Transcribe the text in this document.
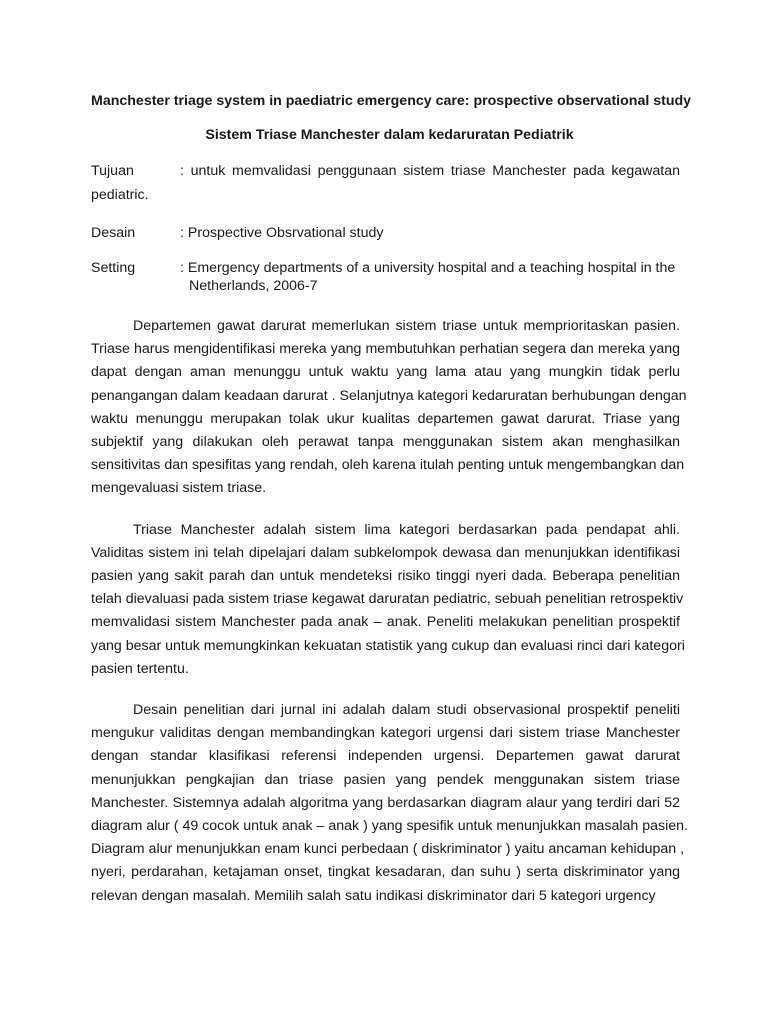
Manchester triage system in paediatric emergency care: prospective observational study

Sistem Triase Manchester dalam kedaruratan Pediatrik

Tujuan	: untuk memvalidasi penggunaan sistem triase Manchester pada kegawatan
pediatric.
Desain	: Prospective Obsrvational study
Setting	: Emergency departments of a university hospital and a teaching hospital in the
Netherlands, 2006-7
Departemen gawat darurat memerlukan sistem triase untuk memprioritaskan pasien.
Triase harus mengidentifikasi mereka yang membutuhkan perhatian segera dan mereka yang
dapat dengan aman menunggu untuk waktu yang lama atau yang mungkin tidak perlu
penangangan dalam keadaan darurat . Selanjutnya kategori kedaruratan berhubungan dengan
waktu menunggu merupakan tolak ukur kualitas departemen gawat darurat. Triase yang
subjektif yang dilakukan oleh perawat tanpa menggunakan sistem akan menghasilkan
sensitivitas dan spesifitas yang rendah, oleh karena itulah penting untuk mengembangkan dan
mengevaluasi sistem triase.
Triase Manchester adalah sistem lima kategori berdasarkan pada pendapat ahli.
Validitas sistem ini telah dipelajari dalam subkelompok dewasa dan menunjukkan identifikasi
pasien yang sakit parah dan untuk mendeteksi risiko tinggi nyeri dada. Beberapa penelitian
telah dievaluasi pada sistem triase kegawat daruratan pediatric, sebuah penelitian retrospektiv
memvalidasi sistem Manchester pada anak – anak. Peneliti melakukan penelitian prospektif
yang besar untuk memungkinkan kekuatan statistik yang cukup dan evaluasi rinci dari kategori
pasien tertentu.
Desain penelitian dari jurnal ini adalah dalam studi observasional prospektif peneliti
mengukur validitas dengan membandingkan kategori urgensi dari sistem triase Manchester
dengan standar klasifikasi referensi independen urgensi. Departemen gawat darurat
menunjukkan pengkajian dan triase pasien yang pendek menggunakan sistem triase
Manchester. Sistemnya adalah algoritma yang berdasarkan diagram alaur yang terdiri dari 52
diagram alur ( 49 cocok untuk anak – anak ) yang spesifik untuk menunjukkan masalah pasien.
Diagram alur menunjukkan enam kunci perbedaan ( diskriminator ) yaitu ancaman kehidupan ,
nyeri, perdarahan, ketajaman onset, tingkat kesadaran, dan suhu ) serta diskriminator yang
relevan dengan masalah. Memilih salah satu indikasi diskriminator dari 5 kategori urgency
